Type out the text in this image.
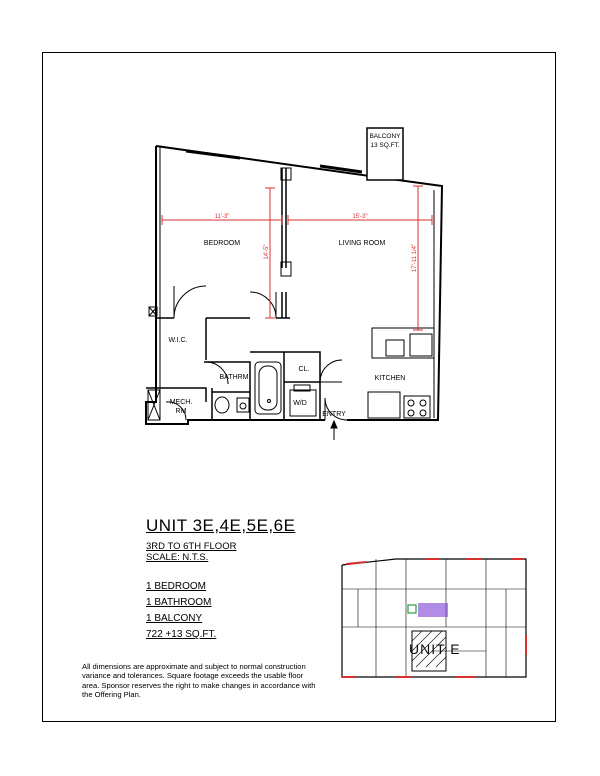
BALCONY
13 SQ.FT.
11'-3"	15'-3"
14'-5"	17'-11 1/4"
BEDROOM	LIVING ROOM
W.I.C.
BATHRM
CL.
W/D
KITCHEN
MECH.
RM	ENTRY
UNIT 3E,4E,5E,6E
3RD TO 6TH FLOOR
SCALE: N.T.S.
1 BEDROOM
1 BATHROOM
1 BALCONY
722 +13 SQ.FT.
All dimensions are approximate and subject to normal construction variance and tolerances. Square footage exceeds the usable floor area. Sponsor reserves the right to make changes in accordance with the Offering Plan.
UNIT E
